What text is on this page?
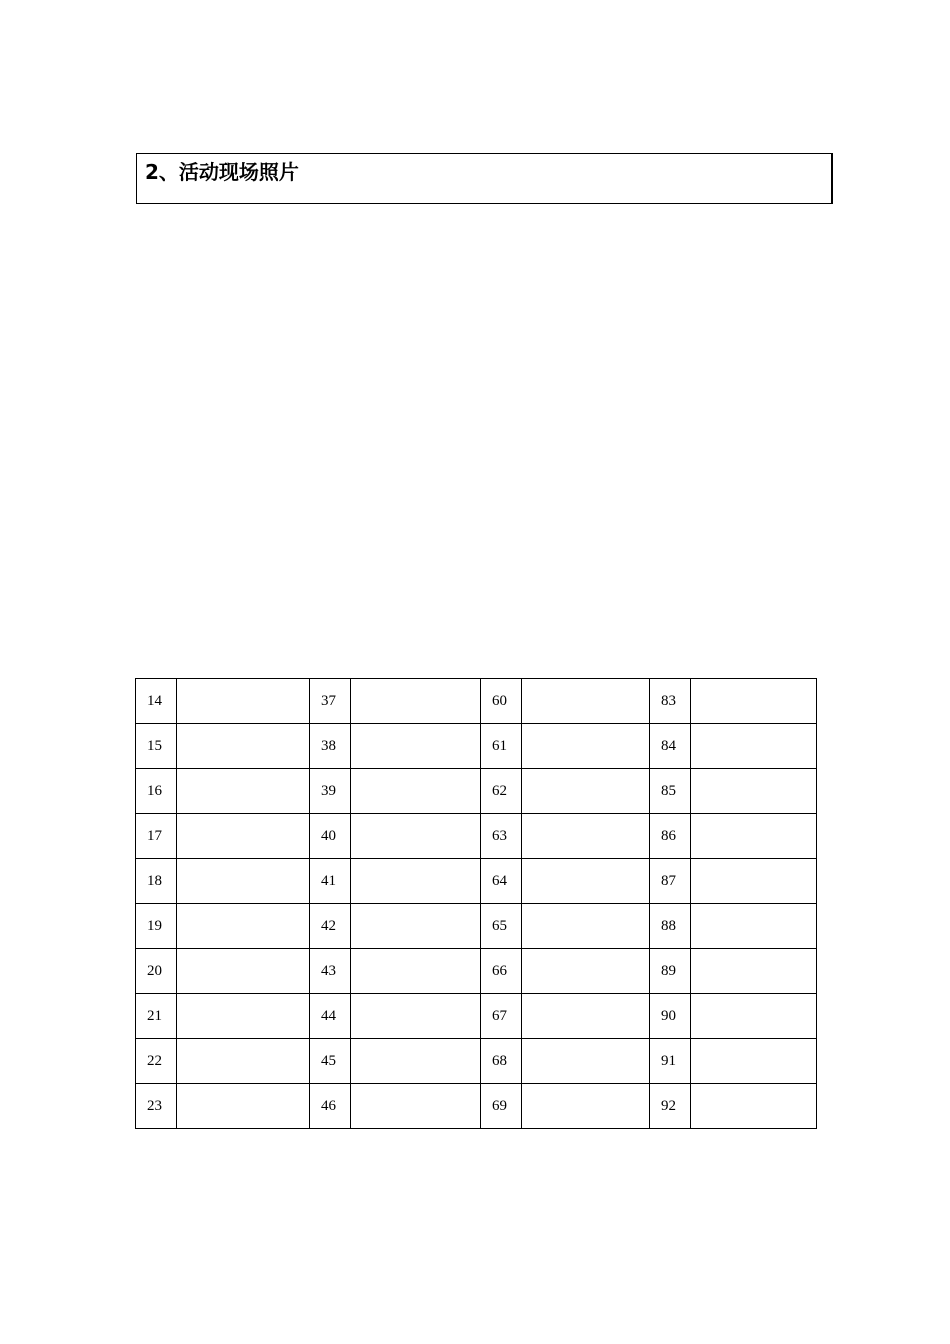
2、活动现场照片
14		37		60		83	
15		38		61		84	
16		39		62		85	
17		40		63		86	
18		41		64		87	
19		42		65		88	
20		43		66		89	
21		44		67		90	
22		45		68		91	
23		46		69		92	
